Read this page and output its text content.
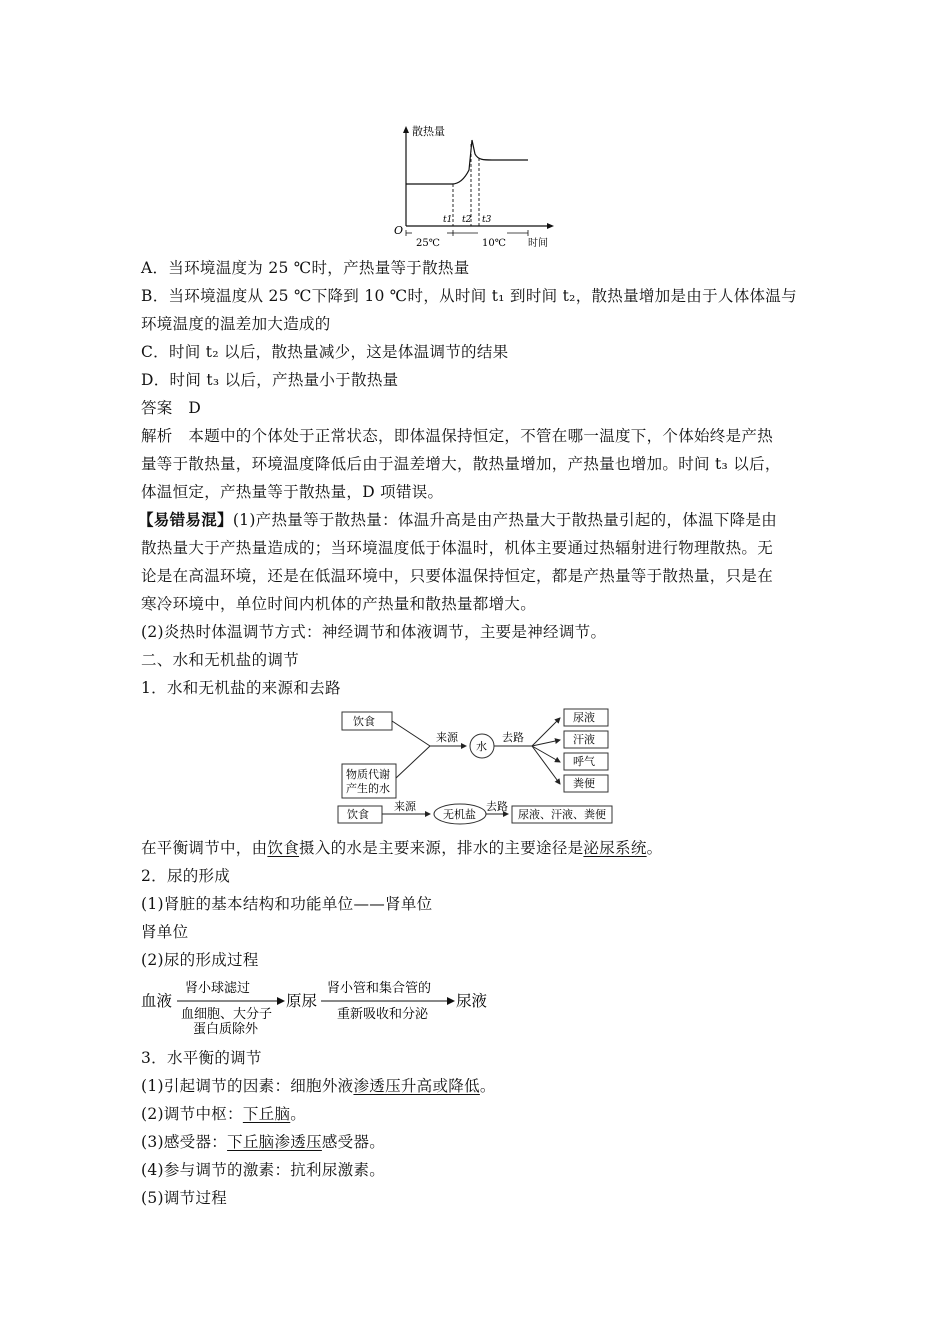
散热量
O
t1 t2 t3
25℃	10℃ 时间
A．当环境温度为 25 ℃时，产热量等于散热量
B．当环境温度从 25 ℃下降到 10 ℃时，从时间 t₁ 到时间 t₂，散热量增加是由于人体体温与
环境温度的温差加大造成的
C．时间 t₂ 以后，散热量减少，这是体温调节的结果
D．时间 t₃ 以后，产热量小于散热量
答案　D
解析　本题中的个体处于正常状态，即体温保持恒定，不管在哪一温度下，个体始终是产热
量等于散热量，环境温度降低后由于温差增大，散热量增加，产热量也增加。时间 t₃ 以后，
体温恒定，产热量等于散热量，D 项错误。
【易错易混】(1)产热量等于散热量：体温升高是由产热量大于散热量引起的，体温下降是由
散热量大于产热量造成的；当环境温度低于体温时，机体主要通过热辐射进行物理散热。无
论是在高温环境，还是在低温环境中，只要体温保持恒定，都是产热量等于散热量，只是在
寒冷环境中，单位时间内机体的产热量和散热量都增大。
(2)炎热时体温调节方式：神经调节和体液调节，主要是神经调节。
二、水和无机盐的调节
1．水和无机盐的来源和去路
饮食
物质代谢
产生的水
来源
水
去路
尿液
汗液
呼气
粪便
饮食
来源
无机盐
去路
尿液、汗液、粪便
在平衡调节中，由饮食摄入的水是主要来源，排水的主要途径是泌尿系统。
2．尿的形成
(1)肾脏的基本结构和功能单位——肾单位
肾单位
(2)尿的形成过程
血液
肾小球滤过
血细胞、大分子
蛋白质除外
原尿
肾小管和集合管的
重新吸收和分泌
尿液
3．水平衡的调节
(1)引起调节的因素：细胞外液渗透压升高或降低。
(2)调节中枢：下丘脑。
(3)感受器：下丘脑渗透压感受器。
(4)参与调节的激素：抗利尿激素。
(5)调节过程
